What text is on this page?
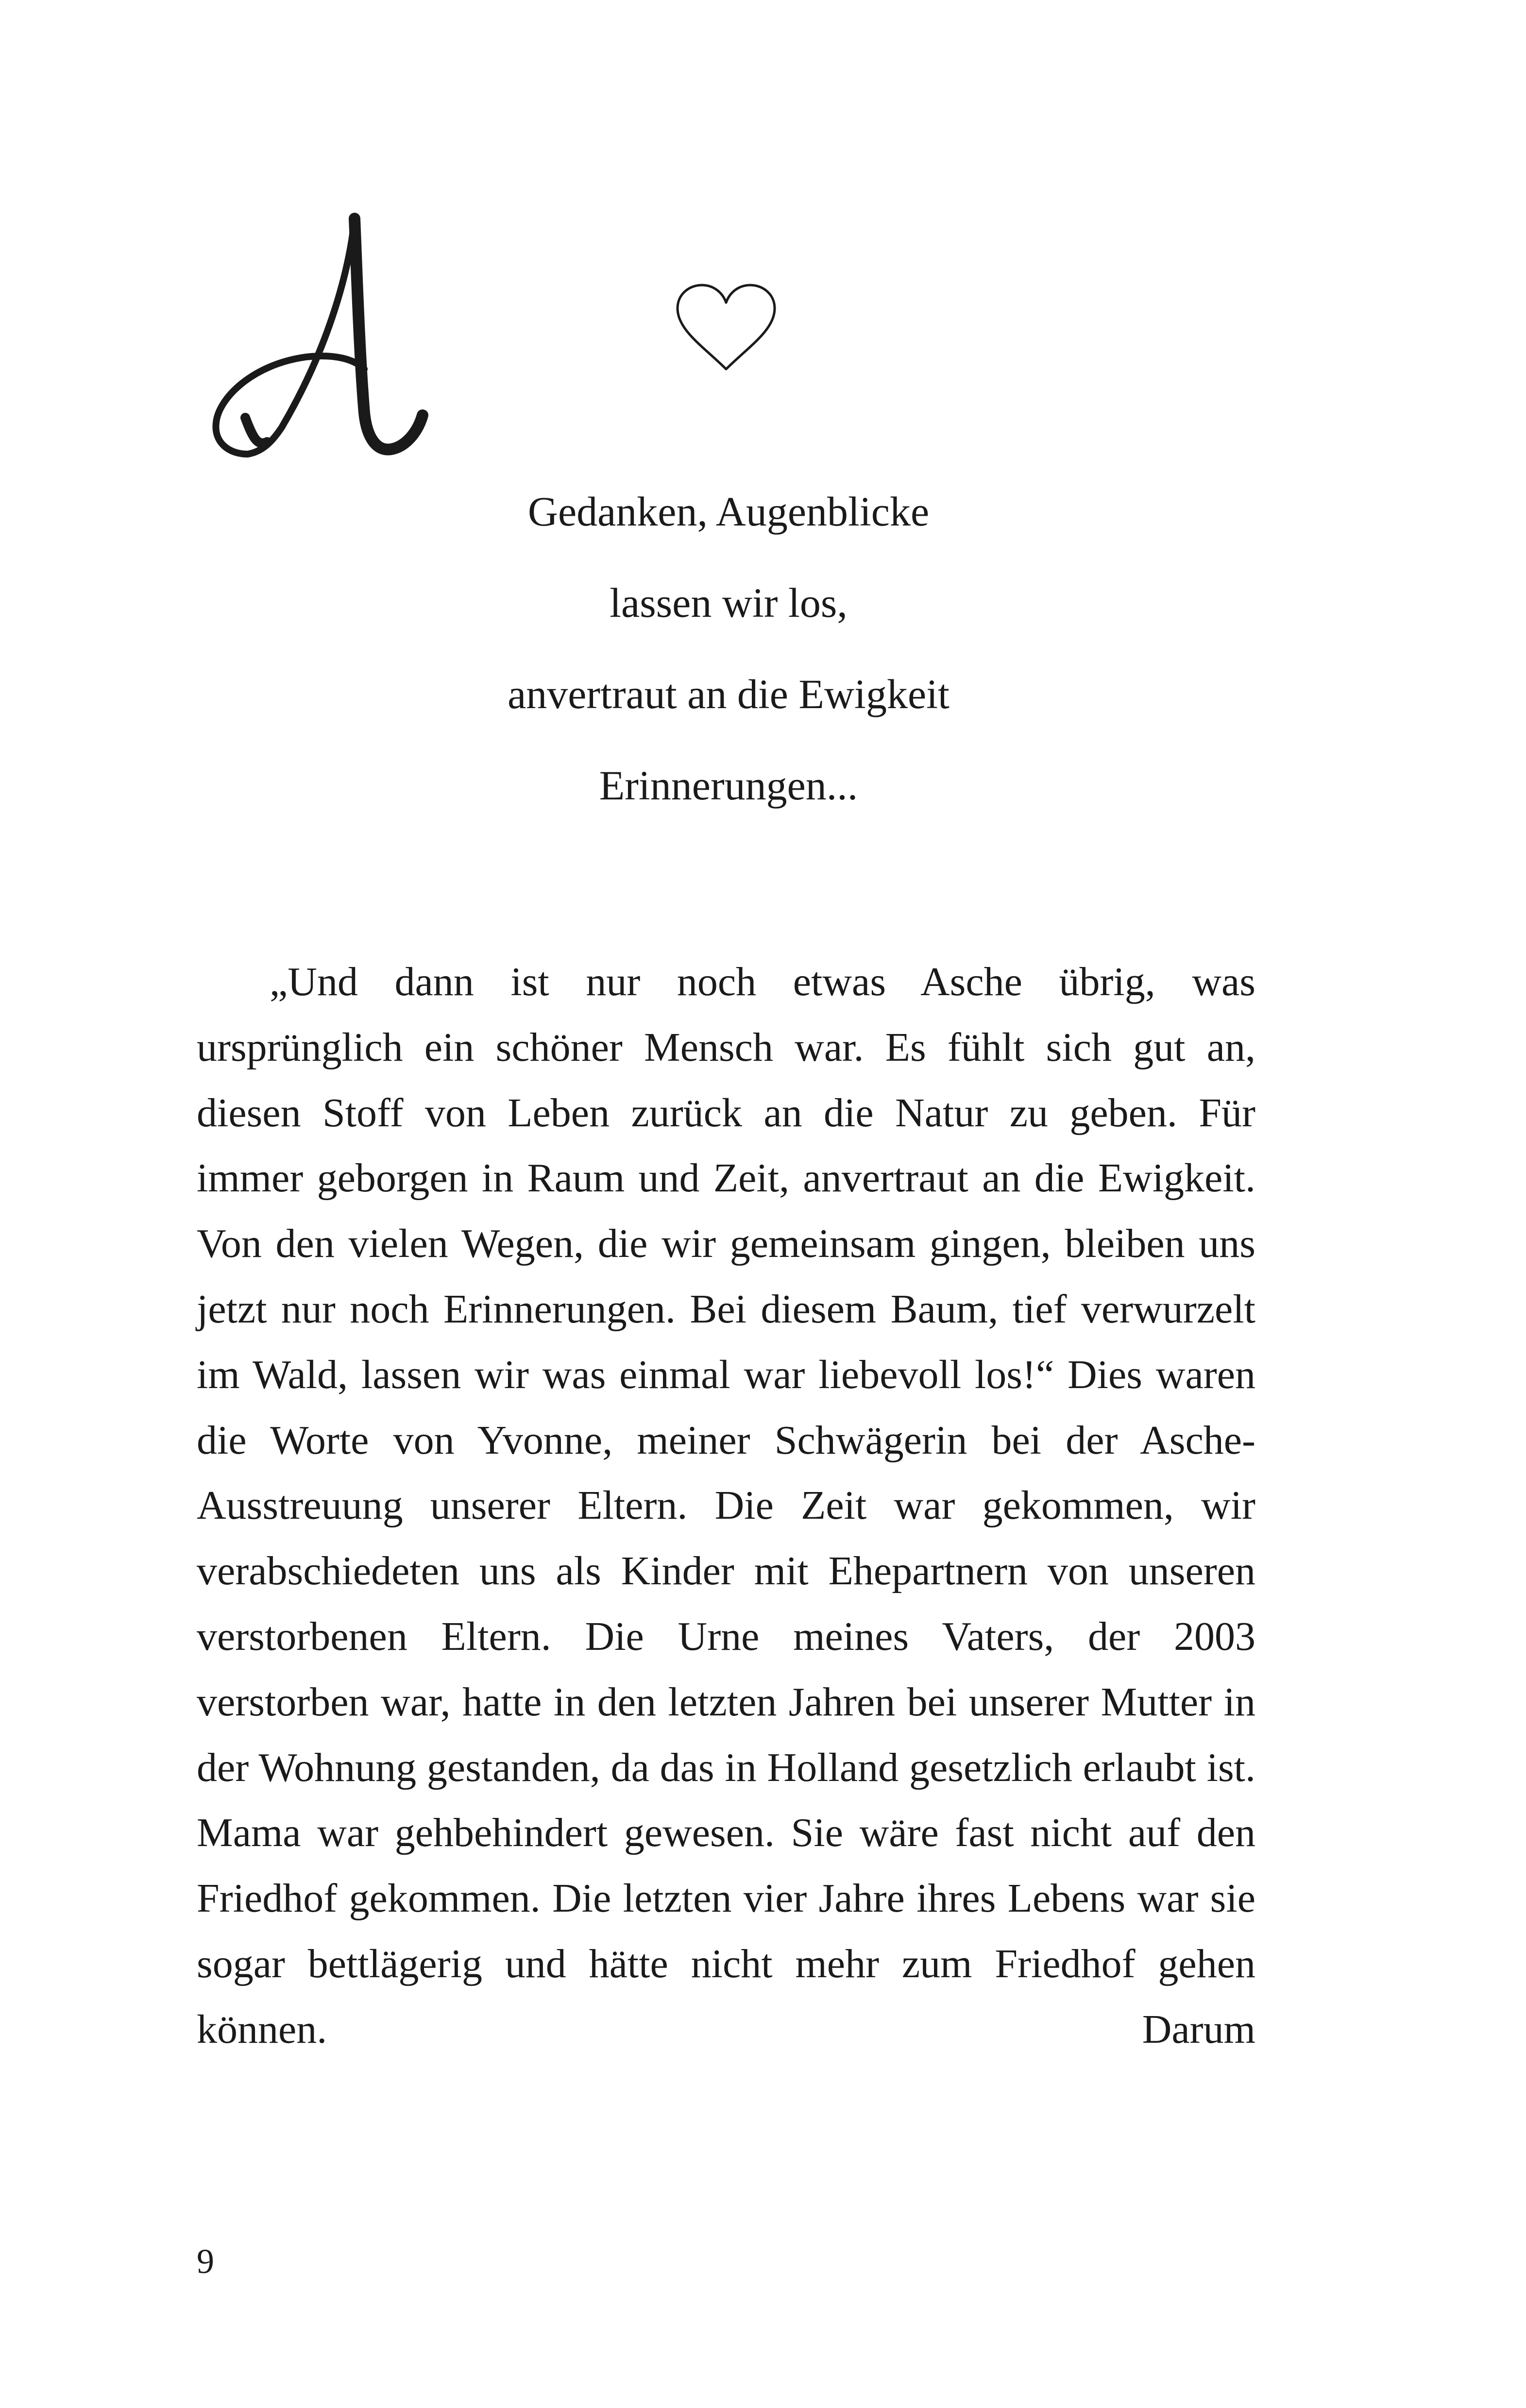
Gedanken, Augenblicke
lassen wir los,
anvertraut an die Ewigkeit
Erinnerungen...

„Und dann ist nur noch etwas Asche übrig, was ursprünglich ein schöner Mensch war. Es fühlt sich gut an, diesen Stoff von Leben zurück an die Natur zu geben. Für immer geborgen in Raum und Zeit, anvertraut an die Ewigkeit. Von den vielen Wegen, die wir gemeinsam gingen, bleiben uns jetzt nur noch Erinnerungen. Bei diesem Baum, tief verwurzelt im Wald, lassen wir was einmal war liebevoll los!“ Dies waren die Worte von Yvonne, meiner Schwägerin bei der Asche-Ausstreuung unserer Eltern. Die Zeit war gekommen, wir verabschiedeten uns als Kinder mit Ehepartnern von unseren verstorbenen Eltern. Die Urne meines Vaters, der 2003 verstorben war, hatte in den letzten Jahren bei unserer Mutter in der Wohnung gestanden, da das in Holland gesetzlich erlaubt ist. Mama war gehbehindert gewesen. Sie wäre fast nicht auf den Friedhof gekommen. Die letzten vier Jahre ihres Lebens war sie sogar bettlägerig und hätte nicht mehr zum Friedhof gehen können. Darum

9
